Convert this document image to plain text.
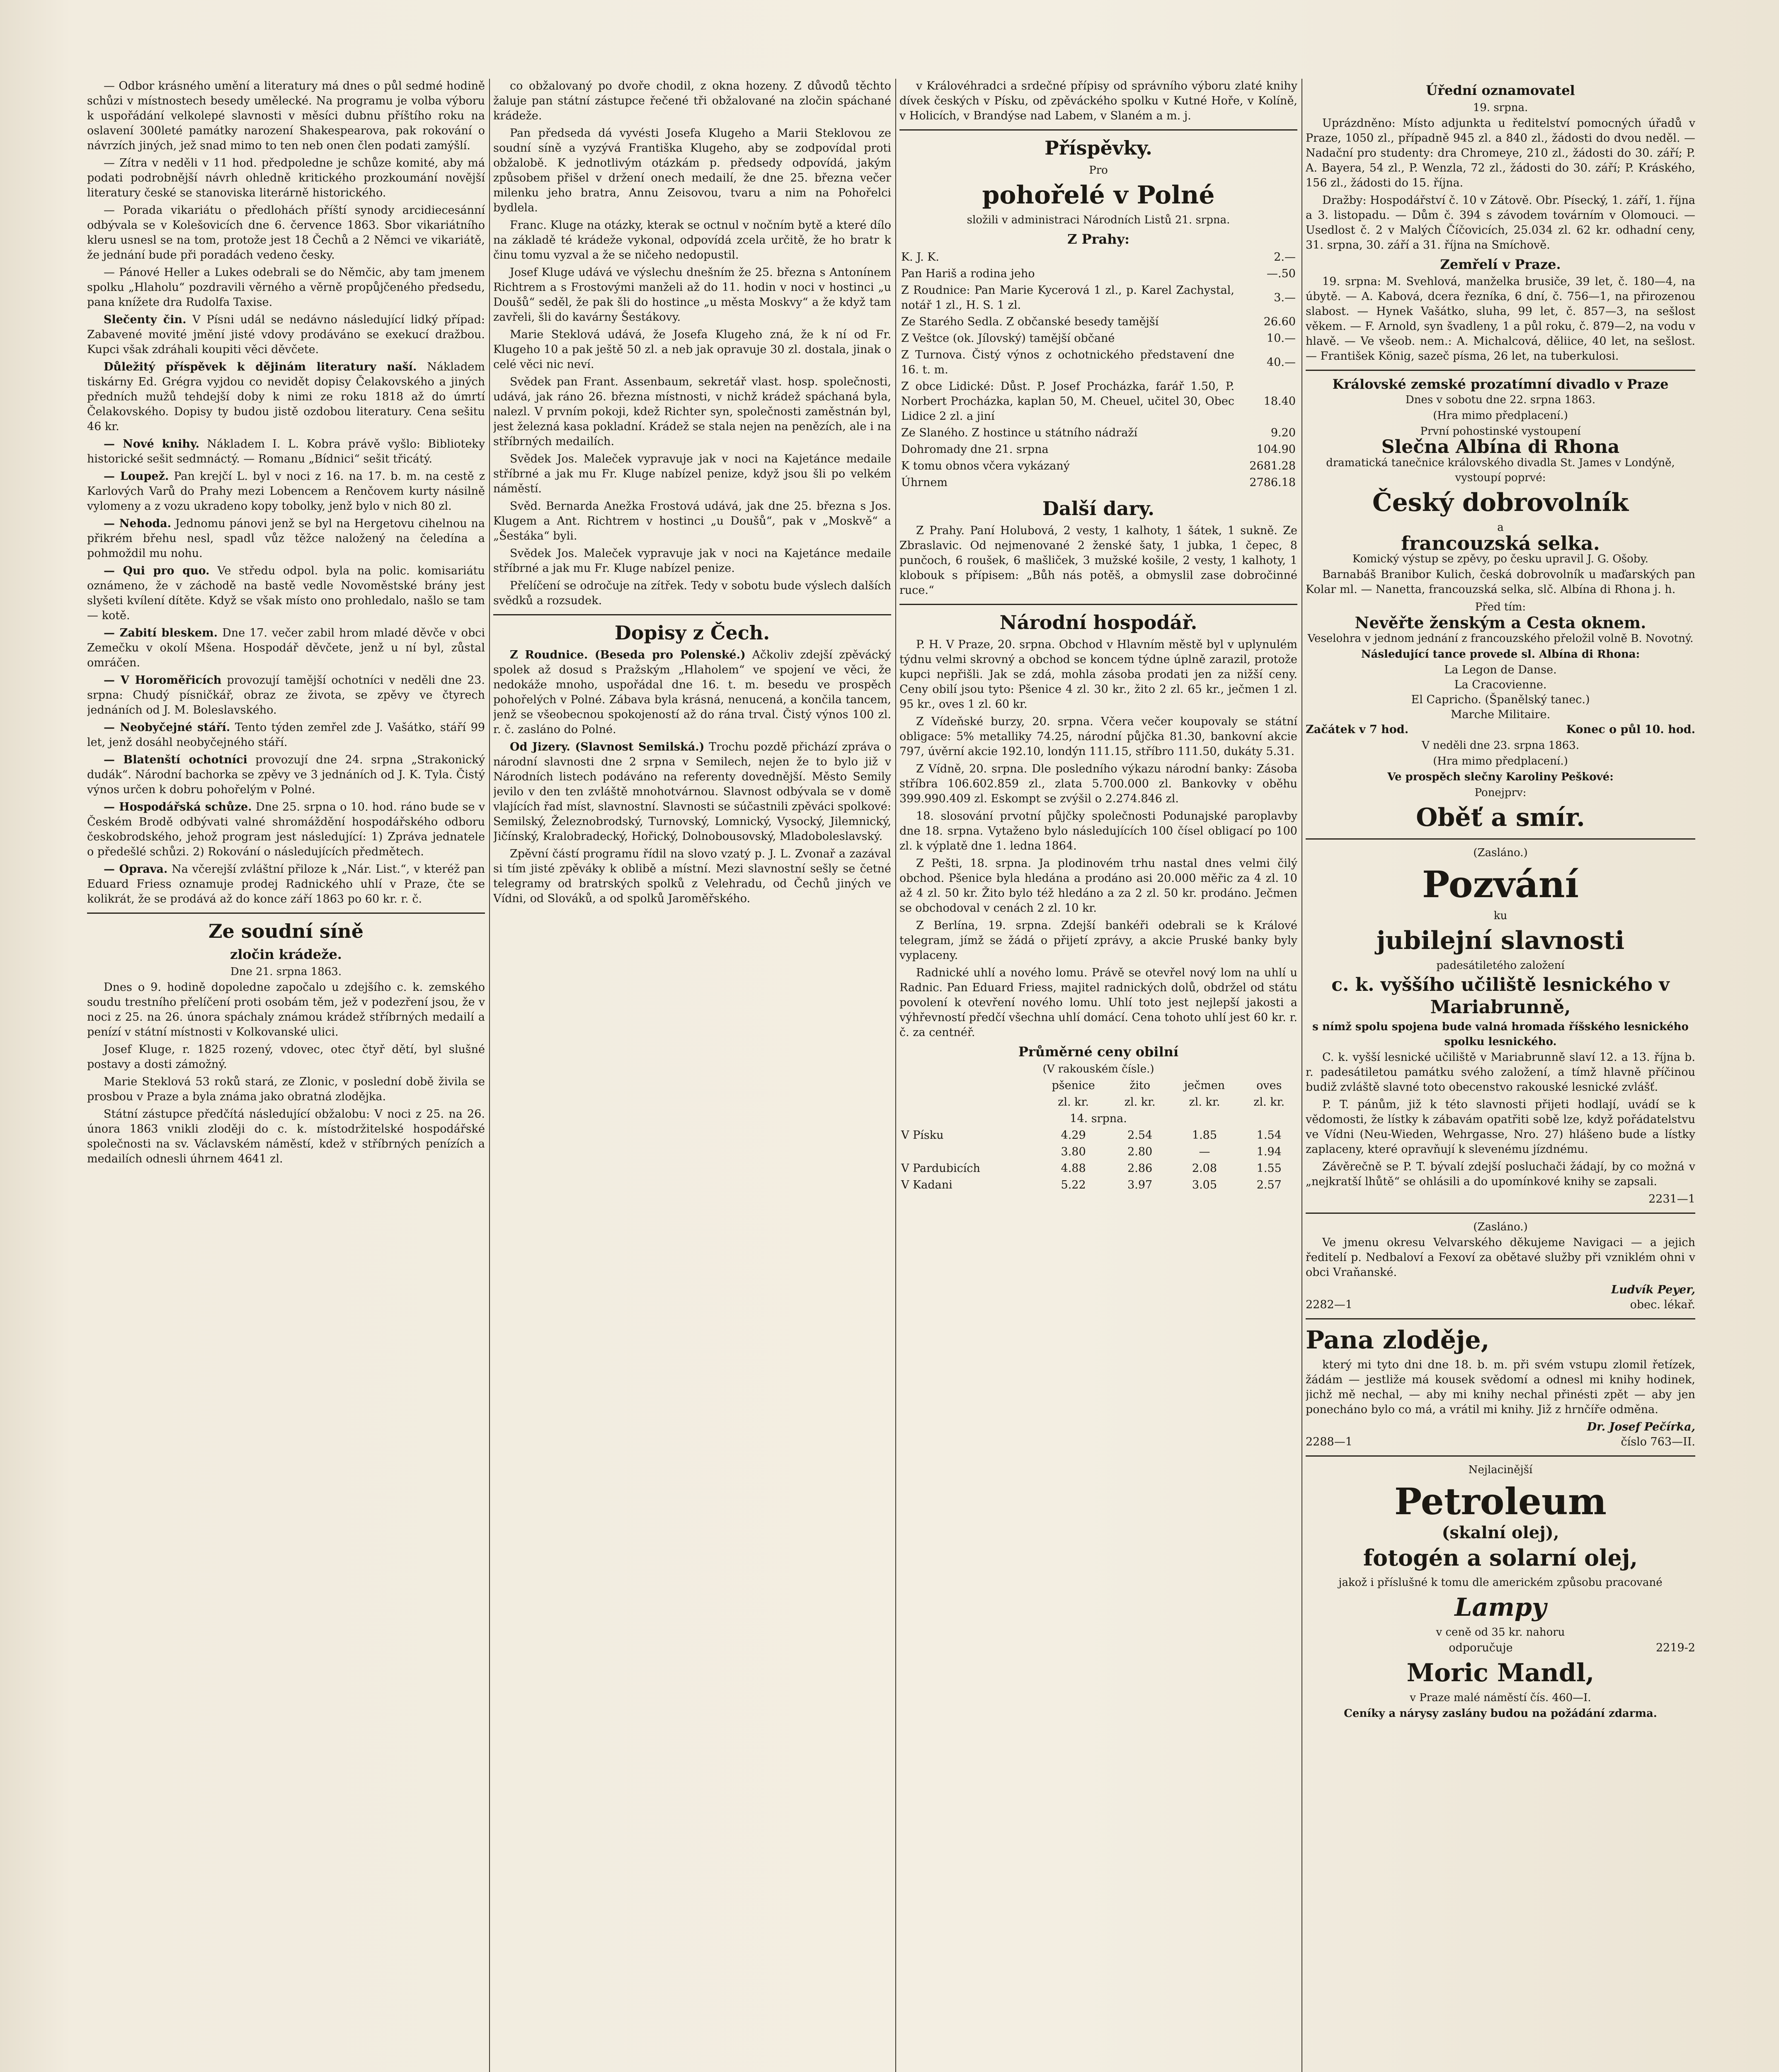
— Odbor krásného umění a literatury má dnes o půl sedmé hodině schůzi v místnostech besedy umělecké. Na programu je volba výboru k uspořádání velkolepé slavnosti v měsíci dubnu příštího roku na oslavení 300leté památky narození Shakespearova, pak rokování o návrzích jiných, jež snad mimo to ten neb onen člen podati zamýšlí.

— Zítra v neděli v 11 hod. předpoledne je schůze komité, aby má podati podrobnější návrh ohledně kritického prozkoumání novější literatury české se stanoviska literárně historického.

— Porada vikariátu o předlohách příští synody arcidiecesánní odbývala se v Kolešovicích dne 6. července 1863. Sbor vikariátního kleru usnesl se na tom, protože jest 18 Čechů a 2 Němci ve vikariátě, že jednání bude při poradách vedeno česky.

— Pánové Heller a Lukes odebrali se do Němčic, aby tam jmenem spolku „Hlaholu“ pozdravili věrného a věrně propůjčeného předsedu, pana knížete dra Rudolfa Taxise.

Slečenty čin. V Písni udál se nedávno následující lidký případ: Zabavené movité jmění jisté vdovy prodáváno se exekucí dražbou. Kupci však zdráhali koupiti věci děvčete.

Důležitý příspěvek k dějinám literatury naší. Nákladem tiskárny Ed. Grégra vyjdou co nevidět dopisy Čelakovského a jiných předních mužů tehdejší doby k nimi ze roku 1818 až do úmrtí Čelakovského. Dopisy ty budou jistě ozdobou literatury. Cena sešitu 46 kr.

— Nové knihy. Nákladem I. L. Kobra právě vyšlo: Biblioteky historické sešit sedmnáctý. — Romanu „Bídnici“ sešit třicátý.

— Loupež. Pan krejčí L. byl v noci z 16. na 17. b. m. na cestě z Karlových Varů do Prahy mezi Lobencem a Renčovem kurty násilně vylomeny a z vozu ukradeno kopy tobolky, jenž bylo v nich 80 zl.

— Nehoda. Jednomu pánovi jenž se byl na Hergetovu cihelnou na přikrém břehu nesl, spadl vůz těžce naložený na čeledína a pohmoždil mu nohu.

— Qui pro quo. Ve středu odpol. byla na polic. komisariátu oznámeno, že v záchodě na bastě vedle Novoměstské brány jest slyšeti kvílení dítěte. Když se však místo ono prohledalo, našlo se tam — kotě.

— Zabití bleskem. Dne 17. večer zabil hrom mladé děvče v obci Zemečku v okolí Mšena. Hospodář děvčete, jenž u ní byl, zůstal omráčen.

— V Horoměřicích provozují tamější ochotníci v neděli dne 23. srpna: Chudý písničkář, obraz ze života, se zpěvy ve čtyrech jednáních od J. M. Boleslavského.

— Neobyčejné stáří. Tento týden zemřel zde J. Vašátko, stáří 99 let, jenž dosáhl neobyčejného stáří.

— Blatenští ochotníci provozují dne 24. srpna „Strakonický dudák“. Národní bachorka se zpěvy ve 3 jednáních od J. K. Tyla. Čistý výnos určen k dobru pohořelým v Polné.

— Hospodářská schůze. Dne 25. srpna o 10. hod. ráno bude se v Českém Brodě odbývati valné shromáždění hospodářského odboru českobrodského, jehož program jest následující: 1) Zpráva jednatele o předešlé schůzi. 2) Rokování o následujících předmětech.

— Oprava. Na včerejší zvláštní přiloze k „Nár. List.“, v kteréž pan Eduard Friess oznamuje prodej Radnického uhlí v Praze, čte se kolikrát, že se prodává až do konce září 1863 po 60 kr. r. č.

Ze soudní síně
zločin krádeže.
Dne 21. srpna 1863.

Dnes o 9. hodině dopoledne započalo u zdejšího c. k. zemského soudu trestního přelíčení proti osobám těm, jež v podezření jsou, že v noci z 25. na 26. února spáchaly známou krádež stříbrných medailí a penízí v státní místnosti v Kolkovanské ulici.

Josef Kluge, r. 1825 rozený, vdovec, otec čtyř dětí, byl slušné postavy a dosti zámožný.

Marie Steklová 53 roků stará, ze Zlonic, v poslední době živila se prosbou v Praze a byla známa jako obratná zlodějka.

Státní zástupce předčítá následující obžalobu: V noci z 25. na 26. února 1863 vnikli zloději do c. k. místodržitelské hospodářské společnosti na sv. Václavském náměstí, kdež v stříbrných penízích a medailích odnesli úhrnem 4641 zl.

co obžalovaný po dvoře chodil, z okna hozeny. Z důvodů těchto žaluje pan státní zástupce řečené tři obžalované na zločin spáchané krádeže.

Pan předseda dá vyvésti Josefa Klugeho a Marii Steklovou ze soudní síně a vyzývá Františka Klugeho, aby se zodpovídal proti obžalobě. K jednotlivým otázkám p. předsedy odpovídá, jakým způsobem přišel v držení onech medailí, že dne 25. března večer milenku jeho bratra, Annu Zeisovou, tvaru a nim na Pohořelci bydlela.

Franc. Kluge na otázky, kterak se octnul v nočním bytě a které dílo na základě té krádeže vykonal, odpovídá zcela určitě, že ho bratr k činu tomu vyzval a že se ničeho nedopustil.

Josef Kluge udává ve výslechu dnešním že 25. března s Antonínem Richtrem a s Frostovými manželi až do 11. hodin v noci v hostinci „u Doušů“ seděl, že pak šli do hostince „u města Moskvy“ a že když tam zavřeli, šli do kavárny Šestákovy.

Marie Steklová udává, že Josefa Klugeho zná, že k ní od Fr. Klugeho 10 a pak ještě 50 zl. a neb jak opravuje 30 zl. dostala, jinak o celé věci nic neví.

Svědek pan Frant. Assenbaum, sekretář vlast. hosp. společnosti, udává, jak ráno 26. března místnosti, v nichž krádež spáchaná byla, nalezl. V prvním pokoji, kdež Richter syn, společnosti zaměstnán byl, jest železná kasa pokladní. Krádež se stala nejen na penězích, ale i na stříbrných medailích.

Svědek Jos. Maleček vypravuje jak v noci na Kajetánce medaile stříbrné a jak mu Fr. Kluge nabízel penize, když jsou šli po velkém náměstí.

Svěd. Bernarda Anežka Frostová udává, jak dne 25. března s Jos. Klugem a Ant. Richtrem v hostinci „u Doušů“, pak v „Moskvě“ a „Šestáka“ byli.

Svědek Jos. Maleček vypravuje jak v noci na Kajetánce medaile stříbrné a jak mu Fr. Kluge nabízel penize.

Přelíčení se odročuje na zítřek. Tedy v sobotu bude výslech dalších svědků a rozsudek.

Dopisy z Čech.

Z Roudnice. (Beseda pro Polenské.) Ačkoliv zdejší zpěvácký spolek až dosud s Pražským „Hlaholem“ ve spojení ve věci, že nedokáže mnoho, uspořádal dne 16. t. m. besedu ve prospěch pohořelých v Polné. Zábava byla krásná, nenucená, a končila tancem, jenž se všeobecnou spokojeností až do rána trval. Čistý výnos 100 zl. r. č. zasláno do Polné.

Od Jizery. (Slavnost Semilská.) Trochu pozdě přichází zpráva o národní slavnosti dne 2 srpna v Semilech, nejen že to bylo již v Národních listech podáváno na referenty dovednější. Město Semily jevilo v den ten zvláště mnohotvárnou. Slavnost odbývala se v domě vlajících řad míst, slavnostní. Slavnosti se súčastnili zpěváci spolkové: Semilský, Železnobrodský, Turnovský, Lomnický, Vysocký, Jilemnický, Jičínský, Kralobradecký, Hořický, Dolnobousovský, Mladoboleslavský.

Zpěvní částí programu řídil na slovo vzatý p. J. L. Zvonař a zazával si tím jisté zpěváky k oblibě a místní. Mezi slavnostní sešly se četné telegramy od bratrských spolků z Velehradu, od Čechů jiných ve Vídni, od Slováků, a od spolků Jaroměřského.

v Královéhradci a srdečné přípisy od správního výboru zlaté knihy dívek českých v Písku, od zpěváckého spolku v Kutné Hoře, v Kolíně, v Holicích, v Brandýse nad Labem, v Slaném a m. j.

Příspěvky.
Pro
pohořelé v Polné
složili v administraci Národních Listů 21. srpna.
Z Prahy:
K. J. K.	2.—
Pan Hariš a rodina jeho	—.50
Z Roudnice: Pan Marie Kycerová 1 zl., p. Karel Zachystal, notář 1 zl., H. S. 1 zl.	3.—
Ze Starého Sedla. Z občanské besedy tamější	26.60
Z Veštce (ok. Jílovský) tamější občané	10.—
Z Turnova. Čistý výnos z ochotnického představení dne 16. t. m.	40.—
Z obce Lidické: Důst. P. Josef Procházka, farář 1.50, P. Norbert Procházka, kaplan 50, M. Cheuel, učitel 30, Obec Lidice 2 zl. a jiní	18.40
Ze Slaného. Z hostince u státního nádraží	9.20
Dohromady dne 21. srpna	104.90
K tomu obnos včera vykázaný	2681.28
Úhrnem	2786.18
Další dary.

Z Prahy. Paní Holubová, 2 vesty, 1 kalhoty, 1 šátek, 1 sukně. Ze Zbraslavic. Od nejmenované 2 ženské šaty, 1 jubka, 1 čepec, 8 punčoch, 6 roušek, 6 mašliček, 3 mužské košile, 2 vesty, 1 kalhoty, 1 klobouk s přípisem: „Bůh nás potěš, a obmyslil zase dobročinné ruce.“

Národní hospodář.

P. H. V Praze, 20. srpna. Obchod v Hlavním městě byl v uplynulém týdnu velmi skrovný a obchod se koncem týdne úplně zarazil, protože kupci nepřišli. Jak se zdá, mohla zásoba prodati jen za nižší ceny. Ceny obilí jsou tyto: Pšenice 4 zl. 30 kr., žito 2 zl. 65 kr., ječmen 1 zl. 95 kr., oves 1 zl. 60 kr.

Z Vídeňské burzy, 20. srpna. Včera večer koupovaly se státní obligace: 5% metalliky 74.25, národní půjčka 81.30, bankovní akcie 797, úvěrní akcie 192.10, londýn 111.15, stříbro 111.50, dukáty 5.31.

Z Vídně, 20. srpna. Dle posledního výkazu národní banky: Zásoba stříbra 106.602.859 zl., zlata 5.700.000 zl. Bankovky v oběhu 399.990.409 zl. Eskompt se zvýšil o 2.274.846 zl.

18. slosování prvotní půjčky společnosti Podunajské paroplavby dne 18. srpna. Vytaženo bylo následujících 100 čísel obligací po 100 zl. k výplatě dne 1. ledna 1864.

Z Pešti, 18. srpna. Ja plodinovém trhu nastal dnes velmi čilý obchod. Pšenice byla hledána a prodáno asi 20.000 měřic za 4 zl. 10 až 4 zl. 50 kr. Žito bylo též hledáno a za 2 zl. 50 kr. prodáno. Ječmen se obchodoval v cenách 2 zl. 10 kr.

Z Berlína, 19. srpna. Zdejší bankéři odebrali se k Králové telegram, jímž se žádá o přijetí zprávy, a akcie Pruské banky byly vyplaceny.

Radnické uhlí a nového lomu. Právě se otevřel nový lom na uhlí u Radnic. Pan Eduard Friess, majitel radnických dolů, obdržel od státu povolení k otevření nového lomu. Uhlí toto jest nejlepší jakosti a výhřevností předčí všechna uhlí domácí. Cena tohoto uhlí jest 60 kr. r. č. za centnéř.

Průměrné ceny obilní
(V rakouském čísle.)
	pšenice	žito	ječmen	oves
	zl. kr.	zl. kr.	zl. kr.	zl. kr.
14. srpna.				
V Písku	4.29	2.54	1.85	1.54
	3.80	2.80	—	1.94
V Pardubicích	4.88	2.86	2.08	1.55
V Kadani	5.22	3.97	3.05	2.57
Úřední oznamovatel
19. srpna.

Uprázdněno: Místo adjunkta u ředitelství pomocných úřadů v Praze, 1050 zl., případně 945 zl. a 840 zl., žádosti do dvou neděl. — Nadační pro studenty: dra Chromeye, 210 zl., žádosti do 30. září; P. A. Bayera, 54 zl., P. Wenzla, 72 zl., žádosti do 30. září; P. Kráského, 156 zl., žádosti do 15. října.

Dražby: Hospodářství č. 10 v Zátově. Obr. Písecký, 1. září, 1. října a 3. listopadu. — Dům č. 394 s závodem továrním v Olomouci. — Usedlost č. 2 v Malých Číčovicích, 25.034 zl. 62 kr. odhadní ceny, 31. srpna, 30. září a 31. října na Smíchově.

Zemřelí v Praze.

19. srpna: M. Svehlová, manželka brusiče, 39 let, č. 180—4, na úbytě. — A. Kabová, dcera řezníka, 6 dní, č. 756—1, na přirozenou slabost. — Hynek Vašátko, sluha, 99 let, č. 857—3, na sešlost věkem. — F. Arnold, syn švadleny, 1 a půl roku, č. 879—2, na vodu v hlavě. — Ve všeob. nem.: A. Michalcová, děliice, 40 let, na sešlost. — František König, sazeč písma, 26 let, na tuberkulosi.

Královské zemské prozatímní divadlo v Praze
Dnes v sobotu dne 22. srpna 1863.
(Hra mimo předplacení.)
První pohostinské vystoupení
Slečna Albína di Rhona
dramatická tanečnice královského divadla St. James v Londýně, vystoupí poprvé:
Český dobrovolník
a
francouzská selka.
Komický výstup se zpěvy, po česku upravil J. G. Ošoby.

Barnabáš Branibor Kulich, česká dobrovolník u maďarských pan Kolar ml. — Nanetta, francouzská selka, slč. Albína di Rhona j. h.

Před tím:
Nevěřte ženským a Cesta oknem.
Veselohra v jednom jednání z francouzského přeložil volně B. Novotný.
Následující tance provede sl. Albína di Rhona:
La Legon de Danse.
La Cracovienne.
El Capricho. (Španělský tanec.)
Marche Militaire.
Začátek v 7 hod.	Konec o půl 10. hod.
V neděli dne 23. srpna 1863.
(Hra mimo předplacení.)
Ve prospěch slečny Karoliny Peškové:
Ponejprv:
Oběť a smír.
(Zasláno.)
Pozvání
ku
jubilejní slavnosti
padesátiletého založení
c. k. vyššího učiliště lesnického v Mariabrunně,
s nímž spolu spojena bude valná hromada říšského lesnického spolku lesnického.

C. k. vyšší lesnické učiliště v Mariabrunně slaví 12. a 13. října b. r. padesátiletou památku svého založení, a tímž hlavně příčinou budiž zvláště slavné toto obecenstvo rakouské lesnické zvlášť.

P. T. pánům, již k této slavnosti přijeti hodlají, uvádí se k vědomosti, že lístky k zábavám opatřiti sobě lze, když pořádatelstvu ve Vídni (Neu-Wieden, Wehrgasse, Nro. 27) hlášeno bude a lístky zaplaceny, které opravňují k slevenému jízdnému.

Závěrečně se P. T. bývalí zdejší posluchači žádají, by co možná v „nejkratší lhůtě“ se ohlásili a do upomínkové knihy se zapsali.

2231—1
(Zasláno.)

Ve jmenu okresu Velvarského děkujeme Navigaci — a jejich ředitelí p. Nedbaloví a Fexoví za obětavé služby při vzniklém ohni v obci Vraňanské.

Ludvík Peyer,
2282—1	obec. lékař.
Pana zloděje,

který mi tyto dni dne 18. b. m. při svém vstupu zlomil řetízek, žádám — jestliže má kousek svědomí a odnesl mi knihy hodinek, jichž mě nechal, — aby mi knihy nechal přinésti zpět — aby jen ponecháno bylo co má, a vrátil mi knihy. Již z hrnčíře odměna.

Dr. Josef Pečírka,
2288—1	číslo 763—II.
Nejlacinější
Petroleum
(skalní olej),
fotogén a solarní olej,
jakož i příslušné k tomu dle americkém způsobu pracované
Lampy
v ceně od 35 kr. nahoru
odporučuje	2219-2
Moric Mandl,
v Praze malé náměstí čís. 460—I.
Ceníky a nárysy zaslány budou na požádání zdarma.
